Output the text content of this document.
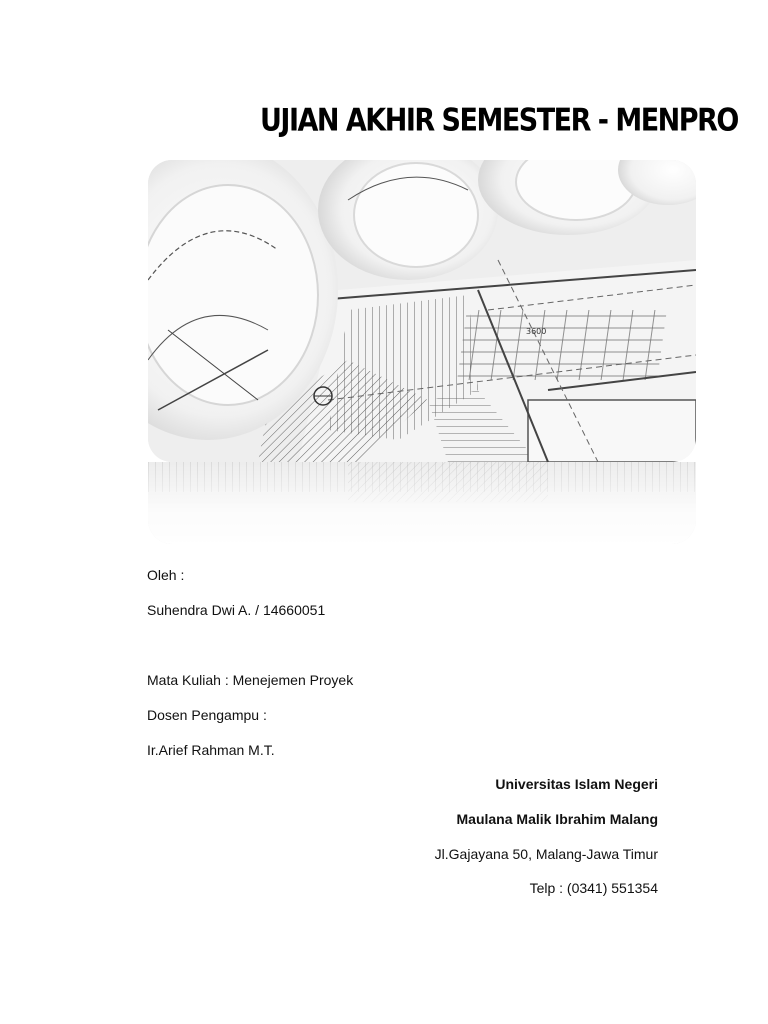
UJIAN AKHIR SEMESTER - MENPRO
3600
Oleh :
Suhendra Dwi A. / 14660051
Mata Kuliah : Menejemen Proyek
Dosen Pengampu :
Ir.Arief Rahman M.T.
Universitas Islam Negeri
Maulana Malik Ibrahim Malang
Jl.Gajayana 50, Malang-Jawa Timur
Telp : (0341) 551354
